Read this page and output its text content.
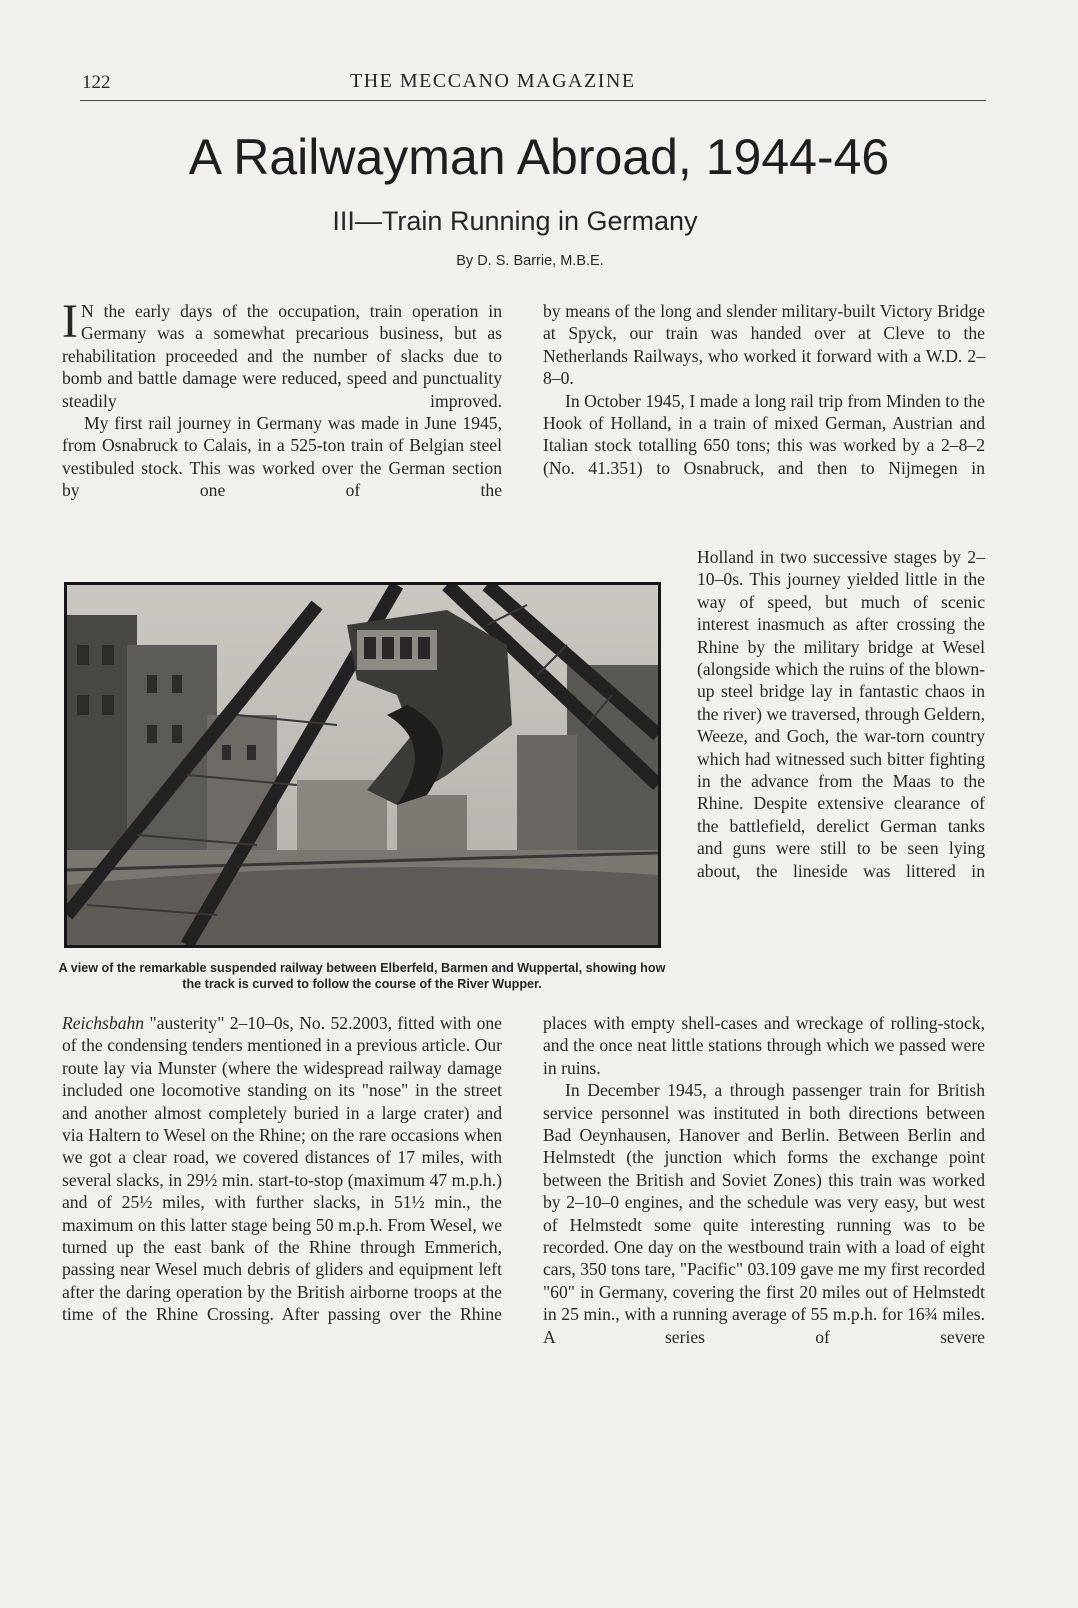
122	THE MECCANO MAGAZINE
A Railwayman Abroad, 1944-46
III—Train Running in Germany
By D. S. Barrie, M.B.E.

I N the early days of the occupation, train operation in Germany was a somewhat precarious business, but as rehabilitation proceeded and the number of slacks due to bomb and battle damage were reduced, speed and punctuality steadily improved.

My first rail journey in Germany was made in June 1945, from Osnabruck to Calais, in a 525-ton train of Belgian steel vestibuled stock. This was worked over the German section by one of the

by means of the long and slender military-built Victory Bridge at Spyck, our train was handed over at Cleve to the Netherlands Railways, who worked it forward with a W.D. 2–8–0.

In October 1945, I made a long rail trip from Minden to the Hook of Holland, in a train of mixed German, Austrian and Italian stock totalling 650 tons; this was worked by a 2–8–2 (No. 41.351) to Osnabruck, and then to Nijmegen in

Holland in two successive stages by 2–10–0s. This journey yielded little in the way of speed, but much of scenic interest inasmuch as after crossing the Rhine by the military bridge at Wesel (alongside which the ruins of the blown-up steel bridge lay in fantastic chaos in the river) we traversed, through Geldern, Weeze, and Goch, the war-torn country which had witnessed such bitter fighting in the advance from the Maas to the Rhine. Despite extensive clearance of the battlefield, derelict German tanks and guns were still to be seen lying about, the lineside was littered in

A view of the remarkable suspended railway between Elberfeld, Barmen and Wuppertal, showing how the track is curved to follow the course of the River Wupper.

Reichsbahn "austerity" 2–10–0s, No. 52.2003, fitted with one of the condensing tenders mentioned in a previous article. Our route lay via Munster (where the widespread railway damage included one locomotive standing on its "nose" in the street and another almost completely buried in a large crater) and via Haltern to Wesel on the Rhine; on the rare occasions when we got a clear road, we covered distances of 17 miles, with several slacks, in 29½ min. start-to-stop (maximum 47 m.p.h.) and of 25½ miles, with further slacks, in 51½ min., the maximum on this latter stage being 50 m.p.h. From Wesel, we turned up the east bank of the Rhine through Emmerich, passing near Wesel much debris of gliders and equipment left after the daring operation by the British airborne troops at the time of the Rhine Crossing. After passing over the Rhine

places with empty shell-cases and wreckage of rolling-stock, and the once neat little stations through which we passed were in ruins.

In December 1945, a through passenger train for British service personnel was instituted in both directions between Bad Oeynhausen, Hanover and Berlin. Between Berlin and Helmstedt (the junction which forms the exchange point between the British and Soviet Zones) this train was worked by 2–10–0 engines, and the schedule was very easy, but west of Helmstedt some quite interesting running was to be recorded. One day on the westbound train with a load of eight cars, 350 tons tare, "Pacific" 03.109 gave me my first recorded "60" in Germany, covering the first 20 miles out of Helmstedt in 25 min., with a running average of 55 m.p.h. for 16¾ miles. A series of severe
